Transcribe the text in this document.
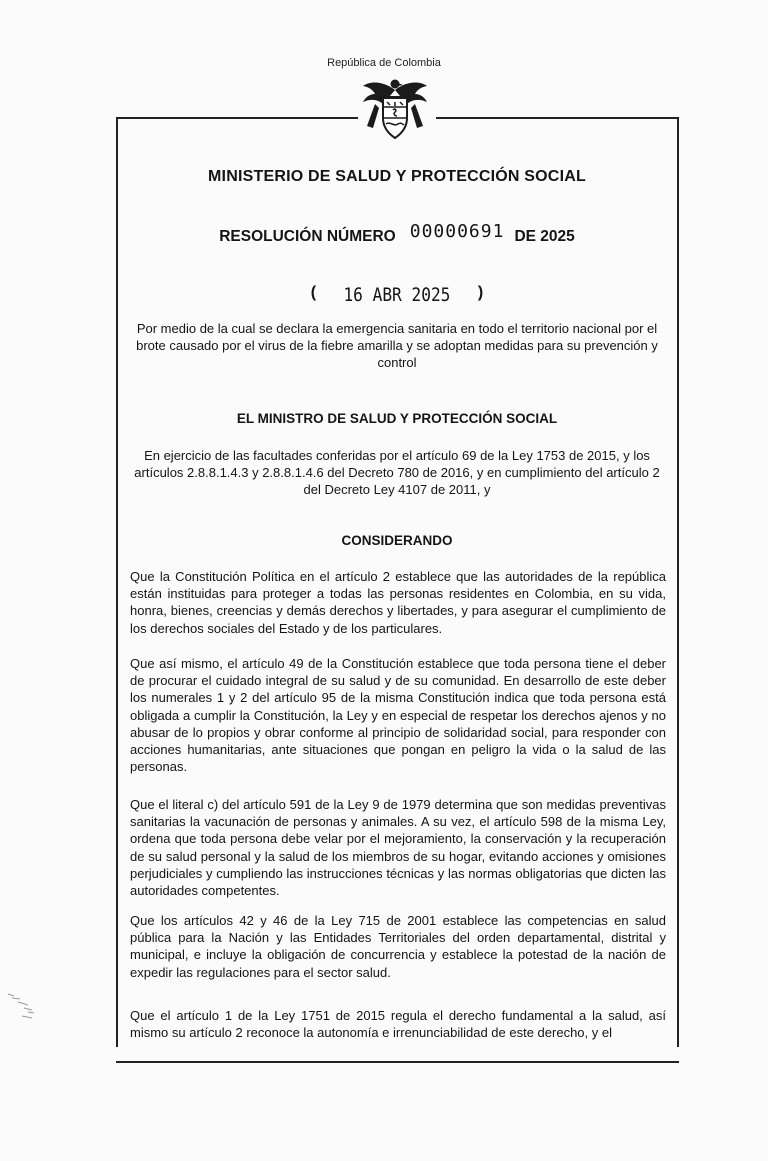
República de Colombia
MINISTERIO DE SALUD Y PROTECCIÓN SOCIAL
RESOLUCIÓN NÚMERO 00000691 DE 2025
( 16 ABR 2025 )
Por medio de la cual se declara la emergencia sanitaria en todo el territorio nacional por el brote causado por el virus de la fiebre amarilla y se adoptan medidas para su prevención y control
EL MINISTRO DE SALUD Y PROTECCIÓN SOCIAL
En ejercicio de las facultades conferidas por el artículo 69 de la Ley 1753 de 2015, y los artículos 2.8.8.1.4.3 y 2.8.8.1.4.6 del Decreto 780 de 2016, y en cumplimiento del artículo 2 del Decreto Ley 4107 de 2011, y
CONSIDERANDO

Que la Constitución Política en el artículo 2 establece que las autoridades de la república están instituidas para proteger a todas las personas residentes en Colombia, en su vida, honra, bienes, creencias y demás derechos y libertades, y para asegurar el cumplimiento de los derechos sociales del Estado y de los particulares.

Que así mismo, el artículo 49 de la Constitución establece que toda persona tiene el deber de procurar el cuidado integral de su salud y de su comunidad. En desarrollo de este deber los numerales 1 y 2 del artículo 95 de la misma Constitución indica que toda persona está obligada a cumplir la Constitución, la Ley y en especial de respetar los derechos ajenos y no abusar de lo propios y obrar conforme al principio de solidaridad social, para responder con acciones humanitarias, ante situaciones que pongan en peligro la vida o la salud de las personas.

Que el literal c) del artículo 591 de la Ley 9 de 1979 determina que son medidas preventivas sanitarias la vacunación de personas y animales. A su vez, el artículo 598 de la misma Ley, ordena que toda persona debe velar por el mejoramiento, la conservación y la recuperación de su salud personal y la salud de los miembros de su hogar, evitando acciones y omisiones perjudiciales y cumpliendo las instrucciones técnicas y las normas obligatorias que dicten las autoridades competentes.

Que los artículos 42 y 46 de la Ley 715 de 2001 establece las competencias en salud pública para la Nación y las Entidades Territoriales del orden departamental, distrital y municipal, e incluye la obligación de concurrencia y establece la potestad de la nación de expedir las regulaciones para el sector salud.

Que el artículo 1 de la Ley 1751 de 2015 regula el derecho fundamental a la salud, así mismo su artículo 2 reconoce la autonomía e irrenunciabilidad de este derecho, y el
